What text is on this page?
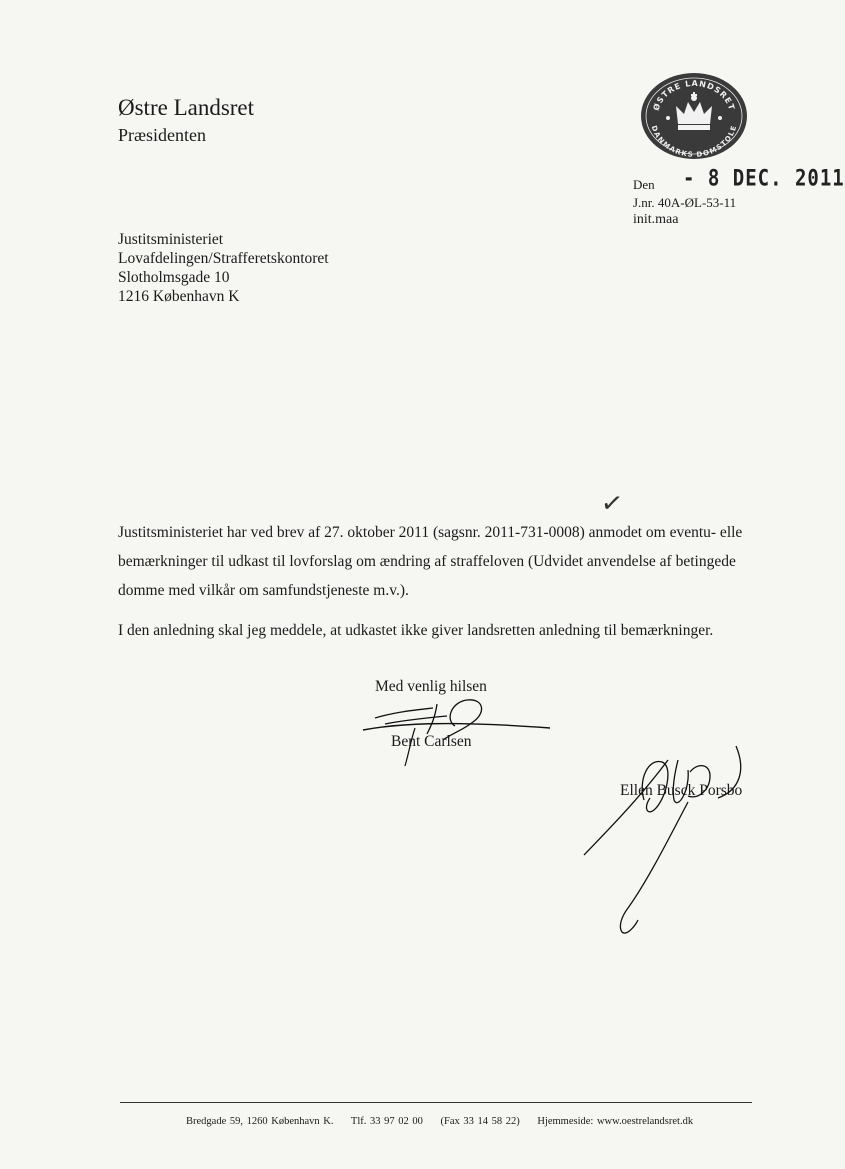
Østre Landsret
Præsidenten
ØSTRE LANDSRET
DANMARKS DOMSTOLE
Den - 8 DEC. 2011
J.nr. 40A-ØL-53-11
init.maa
Justitsministeriet
Lovafdelingen/Strafferetskontoret
Slotholmsgade 10
1216 København K
✓
Justitsministeriet har ved brev af 27. oktober 2011 (sagsnr. 2011-731-0008) anmodet om eventu- elle bemærkninger til udkast til lovforslag om ændring af straffeloven (Udvidet anvendelse af betingede domme med vilkår om samfundstjeneste m.v.).
I den anledning skal jeg meddele, at udkastet ikke giver landsretten anledning til bemærkninger.
Med venlig hilsen
Bent Carlsen
Ellen Busck Porsbo
Bredgade 59, 1260 København K. Tlf. 33 97 02 00 (Fax 33 14 58 22) Hjemmeside: www.oestrelandsret.dk
